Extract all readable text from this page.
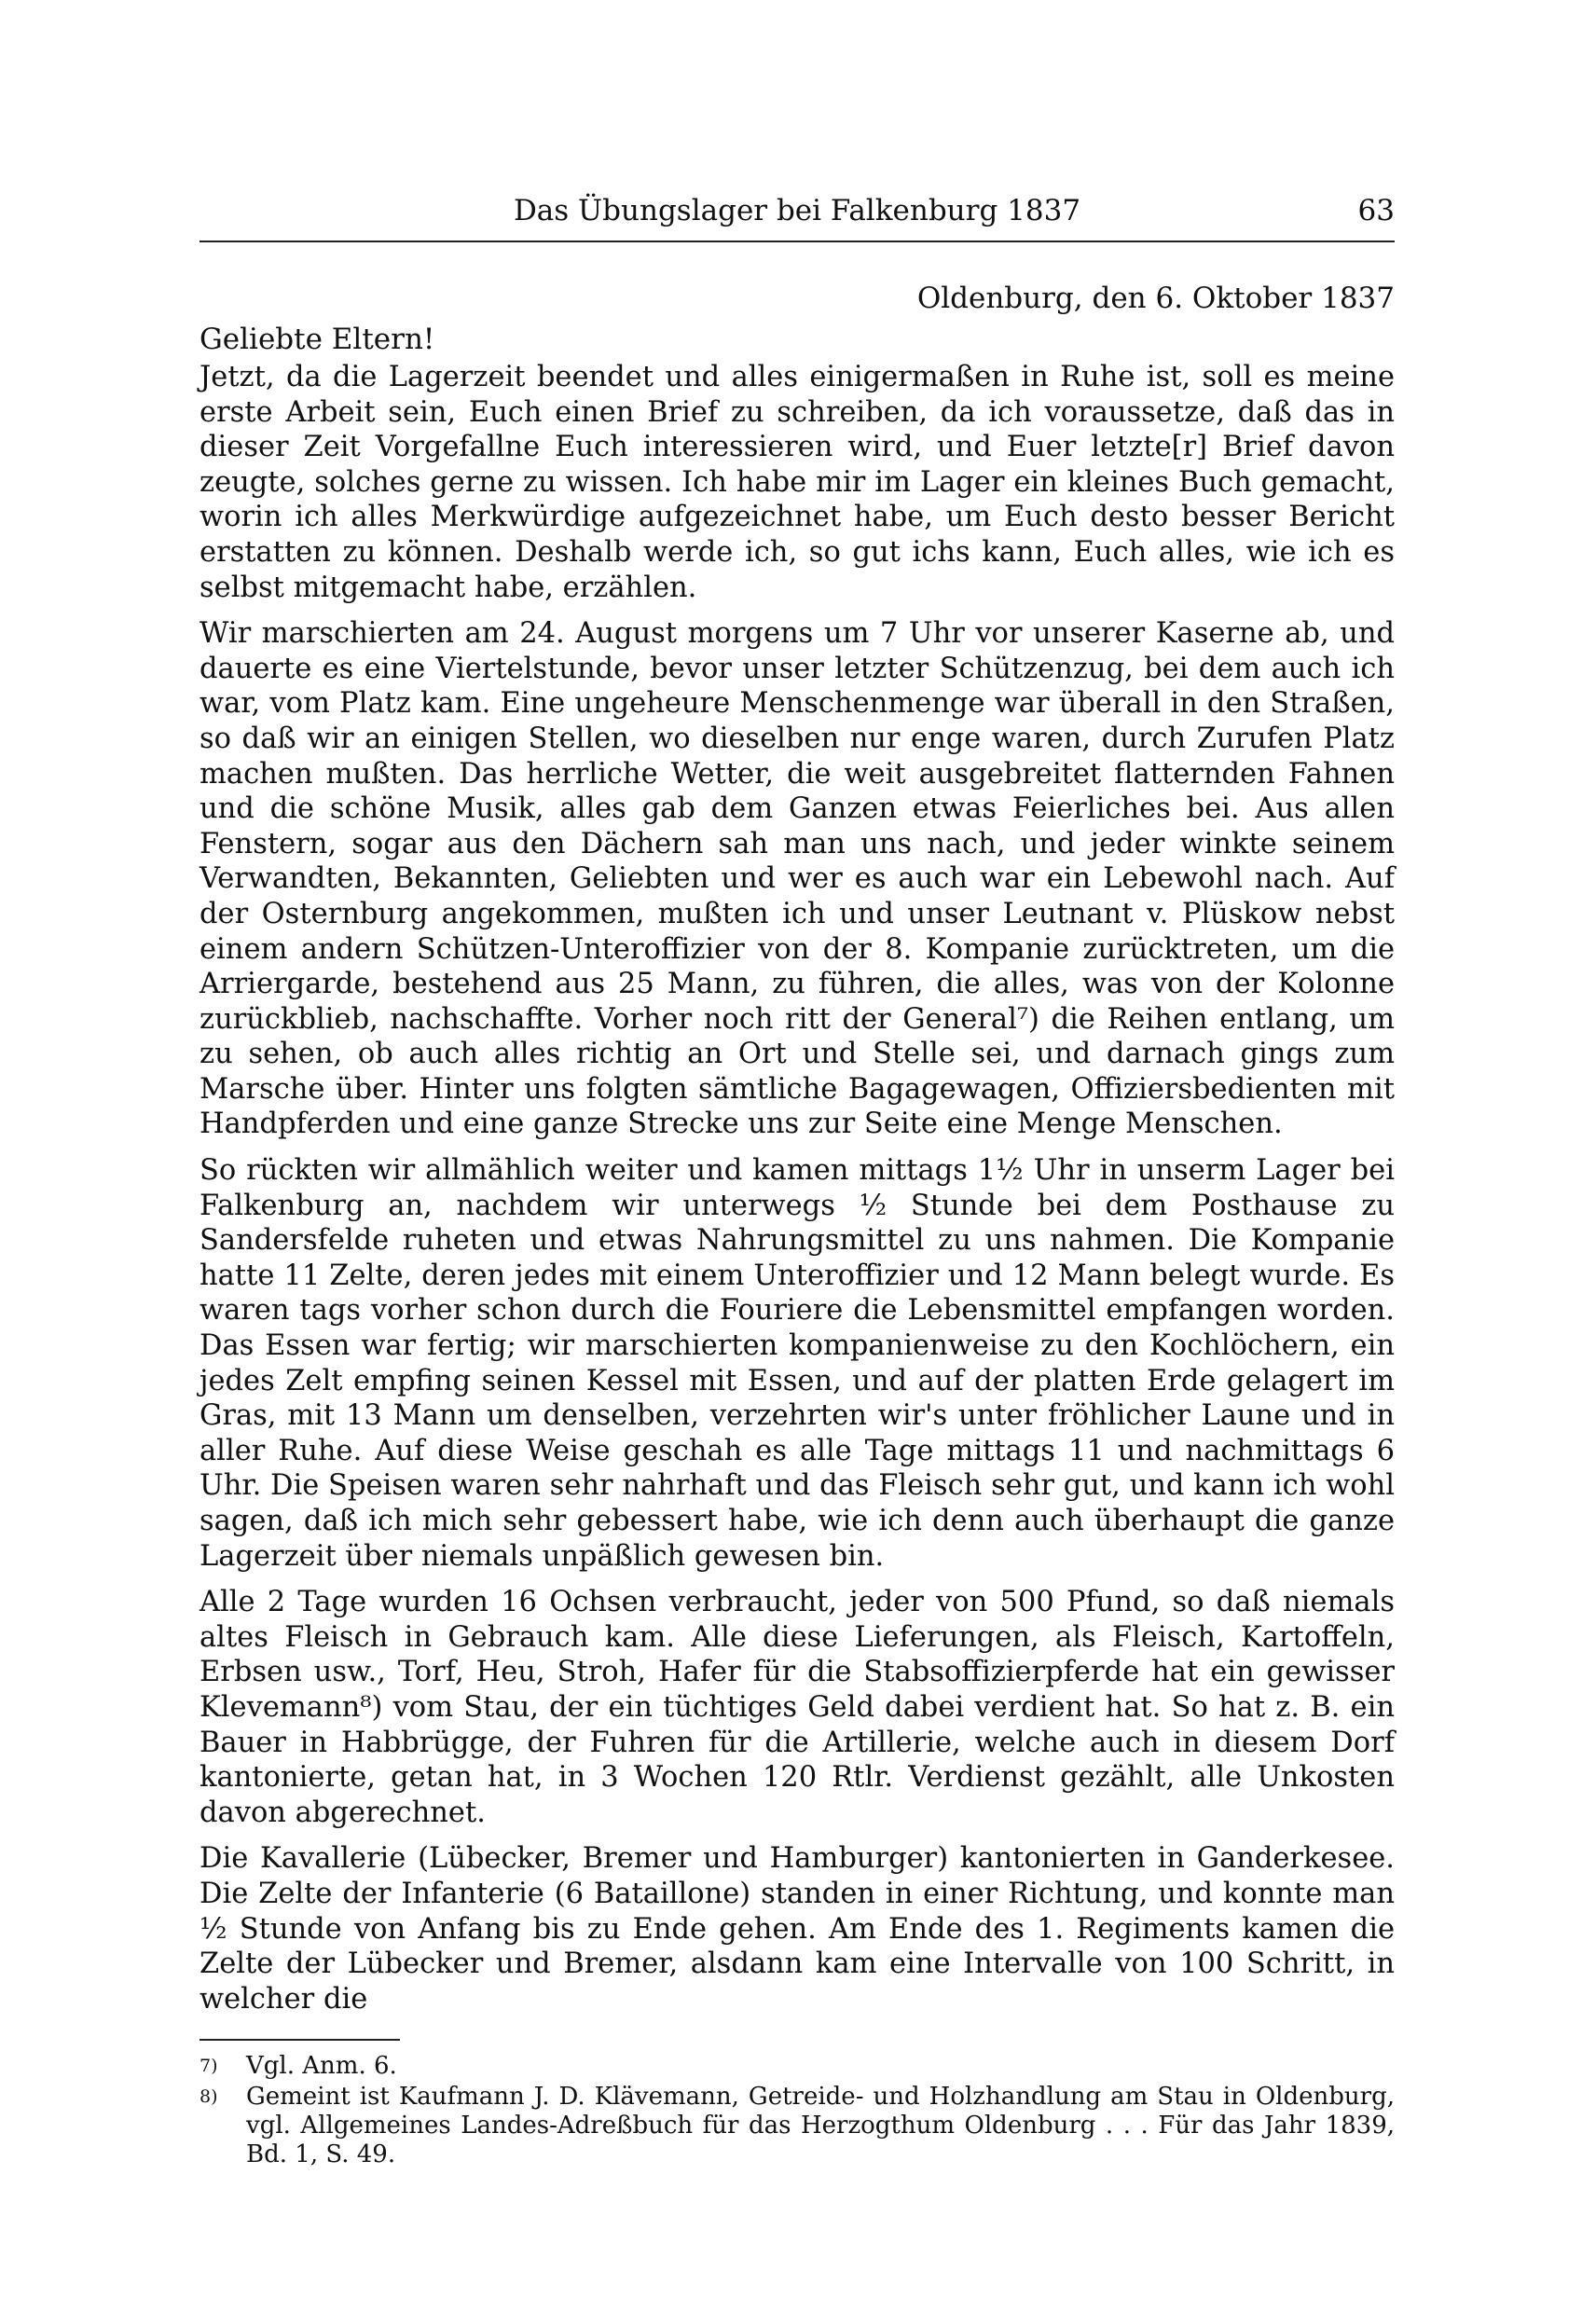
Das Übungslager bei Falkenburg 1837	63
Oldenburg, den 6. Oktober 1837
Geliebte Eltern!

Jetzt, da die Lagerzeit beendet und alles einigermaßen in Ruhe ist, soll es meine erste Arbeit sein, Euch einen Brief zu schreiben, da ich voraussetze, daß das in dieser Zeit Vorgefallne Euch interessieren wird, und Euer letzte[r] Brief davon zeugte, solches gerne zu wissen. Ich habe mir im Lager ein kleines Buch gemacht, worin ich alles Merkwürdige aufgezeichnet habe, um Euch desto besser Bericht erstatten zu können. Deshalb werde ich, so gut ichs kann, Euch alles, wie ich es selbst mitgemacht habe, erzählen.

Wir marschierten am 24. August morgens um 7 Uhr vor unserer Kaserne ab, und dauerte es eine Viertelstunde, bevor unser letzter Schützenzug, bei dem auch ich war, vom Platz kam. Eine ungeheure Menschenmenge war überall in den Straßen, so daß wir an einigen Stellen, wo dieselben nur enge waren, durch Zurufen Platz machen mußten. Das herrliche Wetter, die weit ausgebreitet flatternden Fahnen und die schöne Musik, alles gab dem Ganzen etwas Feierliches bei. Aus allen Fenstern, sogar aus den Dächern sah man uns nach, und jeder winkte seinem Verwandten, Bekannten, Geliebten und wer es auch war ein Lebewohl nach. Auf der Osternburg angekommen, mußten ich und unser Leutnant v. Plüskow nebst einem andern Schützen-Unteroffizier von der 8. Kompanie zurücktreten, um die Arriergarde, bestehend aus 25 Mann, zu führen, die alles, was von der Kolonne zurückblieb, nachschaffte. Vorher noch ritt der General⁷) die Reihen entlang, um zu sehen, ob auch alles richtig an Ort und Stelle sei, und darnach gings zum Marsche über. Hinter uns folgten sämtliche Bagagewagen, Offiziersbedienten mit Handpferden und eine ganze Strecke uns zur Seite eine Menge Menschen.

So rückten wir allmählich weiter und kamen mittags 1½ Uhr in unserm Lager bei Falkenburg an, nachdem wir unterwegs ½ Stunde bei dem Posthause zu Sandersfelde ruheten und etwas Nahrungsmittel zu uns nahmen. Die Kompanie hatte 11 Zelte, deren jedes mit einem Unteroffizier und 12 Mann belegt wurde. Es waren tags vorher schon durch die Fouriere die Lebensmittel empfangen worden. Das Essen war fertig; wir marschierten kompanienweise zu den Kochlöchern, ein jedes Zelt empfing seinen Kessel mit Essen, und auf der platten Erde gelagert im Gras, mit 13 Mann um denselben, verzehrten wir's unter fröhlicher Laune und in aller Ruhe. Auf diese Weise geschah es alle Tage mittags 11 und nachmittags 6 Uhr. Die Speisen waren sehr nahrhaft und das Fleisch sehr gut, und kann ich wohl sagen, daß ich mich sehr gebessert habe, wie ich denn auch überhaupt die ganze Lagerzeit über niemals unpäßlich gewesen bin.

Alle 2 Tage wurden 16 Ochsen verbraucht, jeder von 500 Pfund, so daß niemals altes Fleisch in Gebrauch kam. Alle diese Lieferungen, als Fleisch, Kartoffeln, Erbsen usw., Torf, Heu, Stroh, Hafer für die Stabsoffizierpferde hat ein gewisser Klevemann⁸) vom Stau, der ein tüchtiges Geld dabei verdient hat. So hat z. B. ein Bauer in Habbrügge, der Fuhren für die Artillerie, welche auch in diesem Dorf kantonierte, getan hat, in 3 Wochen 120 Rtlr. Verdienst gezählt, alle Unkosten davon abgerechnet.

Die Kavallerie (Lübecker, Bremer und Hamburger) kantonierten in Ganderkesee. Die Zelte der Infanterie (6 Bataillone) standen in einer Richtung, und konnte man ½ Stunde von Anfang bis zu Ende gehen. Am Ende des 1. Regiments kamen die Zelte der Lübecker und Bremer, alsdann kam eine Intervalle von 100 Schritt, in welcher die

7)	Vgl. Anm. 6.
8)	Gemeint ist Kaufmann J. D. Klävemann, Getreide- und Holzhandlung am Stau in Oldenburg, vgl. Allgemeines Landes-Adreßbuch für das Herzogthum Oldenburg . . . Für das Jahr 1839, Bd. 1, S. 49.
